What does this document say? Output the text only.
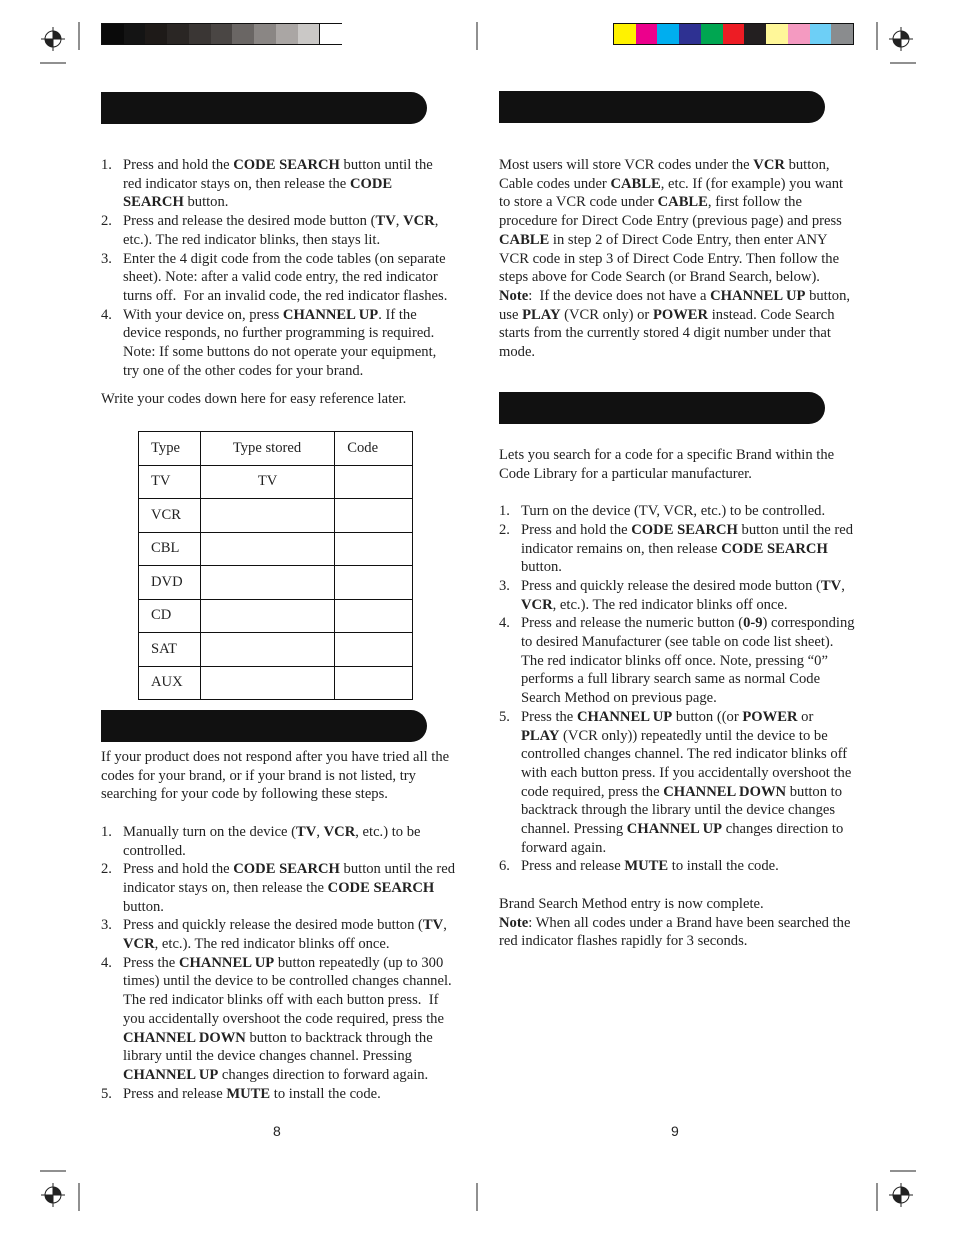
1. Press and hold the CODE SEARCH button until the red indicator stays on, then release the CODE SEARCH button.
2. Press and release the desired mode button (TV, VCR, etc.). The red indicator blinks, then stays lit.
3. Enter the 4 digit code from the code tables (on separate sheet). Note: after a valid code entry, the red indicator turns off.  For an invalid code, the red indicator flashes.
4. With your device on, press CHANNEL UP. If the device responds, no further programming is required. Note: If some buttons do not operate your equipment, try one of the other codes for your brand.

Write your codes down here for easy reference later.

Type	Type stored	Code
TV	TV	
VCR		
CBL		
DVD		
CD		
SAT		
AUX		

If your product does not respond after you have tried all the codes for your brand, or if your brand is not listed, try searching for your code by following these steps.

1. Manually turn on the device (TV, VCR, etc.) to be controlled.
2. Press and hold the CODE SEARCH button until the red indicator stays on, then release the CODE SEARCH button.
3. Press and quickly release the desired mode button (TV, VCR, etc.). The red indicator blinks off once.
4. Press the CHANNEL UP button repeatedly (up to 300 times) until the device to be controlled changes channel. The red indicator blinks off with each button press.  If you accidentally overshoot the code required, press the CHANNEL DOWN button to backtrack through the library until the device changes channel. Pressing CHANNEL UP changes direction to forward again.
5. Press and release MUTE to install the code.
8

Most users will store VCR codes under the VCR button, Cable codes under CABLE, etc. If (for example) you want to store a VCR code under CABLE, first follow the procedure for Direct Code Entry (previous page) and press CABLE in step 2 of Direct Code Entry, then enter ANY VCR code in step 3 of Direct Code Entry. Then follow the steps above for Code Search (or Brand Search, below). Note:  If the device does not have a CHANNEL UP button, use PLAY (VCR only) or POWER instead. Code Search starts from the currently stored 4 digit number under that mode.

Lets you search for a code for a specific Brand within the Code Library for a particular manufacturer.

1. Turn on the device (TV, VCR, etc.) to be controlled.
2. Press and hold the CODE SEARCH button until the red indicator remains on, then release CODE SEARCH button.
3. Press and quickly release the desired mode button (TV, VCR, etc.). The red indicator blinks off once.
4. Press and release the numeric button (0-9) corresponding to desired Manufacturer (see table on code list sheet).  The red indicator blinks off once. Note, pressing “0” performs a full library search same as normal Code Search Method on previous page.
5. Press the CHANNEL UP button ((or POWER or PLAY (VCR only)) repeatedly until the device to be controlled changes channel. The red indicator blinks off with each button press. If you accidentally overshoot the code required, press the CHANNEL DOWN button to backtrack through the library until the device changes channel. Pressing CHANNEL UP changes direction to forward again.
6. Press and release MUTE to install the code.

Brand Search Method entry is now complete.

Note: When all codes under a Brand have been searched the red indicator flashes rapidly for 3 seconds.

9
